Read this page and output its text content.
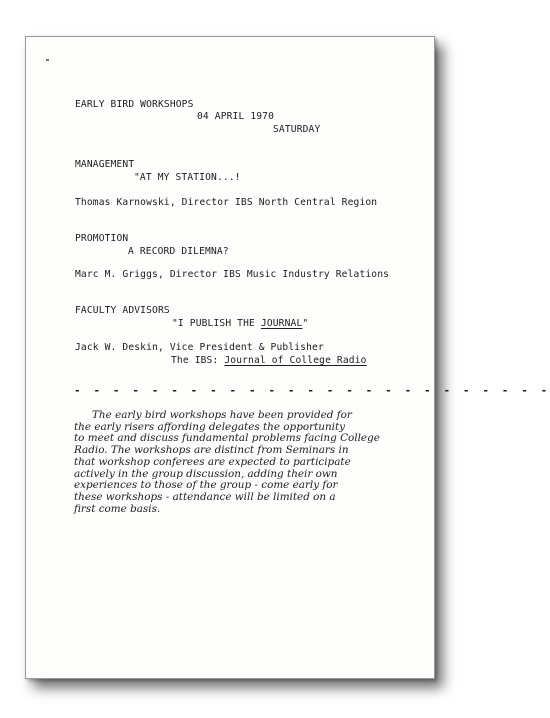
EARLY BIRD WORKSHOPS
04 APRIL 1970
SATURDAY
MANAGEMENT
"AT MY STATION...!
Thomas Karnowski, Director IBS North Central Region
PROMOTION
A RECORD DILEMNA?
Marc M. Griggs, Director IBS Music Industry Relations
FACULTY ADVISORS
"I PUBLISH THE JOURNAL"
Jack W. Deskin, Vice President & Publisher
The IBS: Journal of College Radio
- - - - - - - - - - - - - - - - - - - - - - - - -
The early bird workshops have been provided for
the early risers affording delegates the opportunity
to meet and discuss fundamental problems facing College
Radio. The workshops are distinct from Seminars in
that workshop conferees are expected to participate
actively in the group discussion, adding their own
experiences to those of the group - come early for
these workshops - attendance will be limited on a
first come basis.
